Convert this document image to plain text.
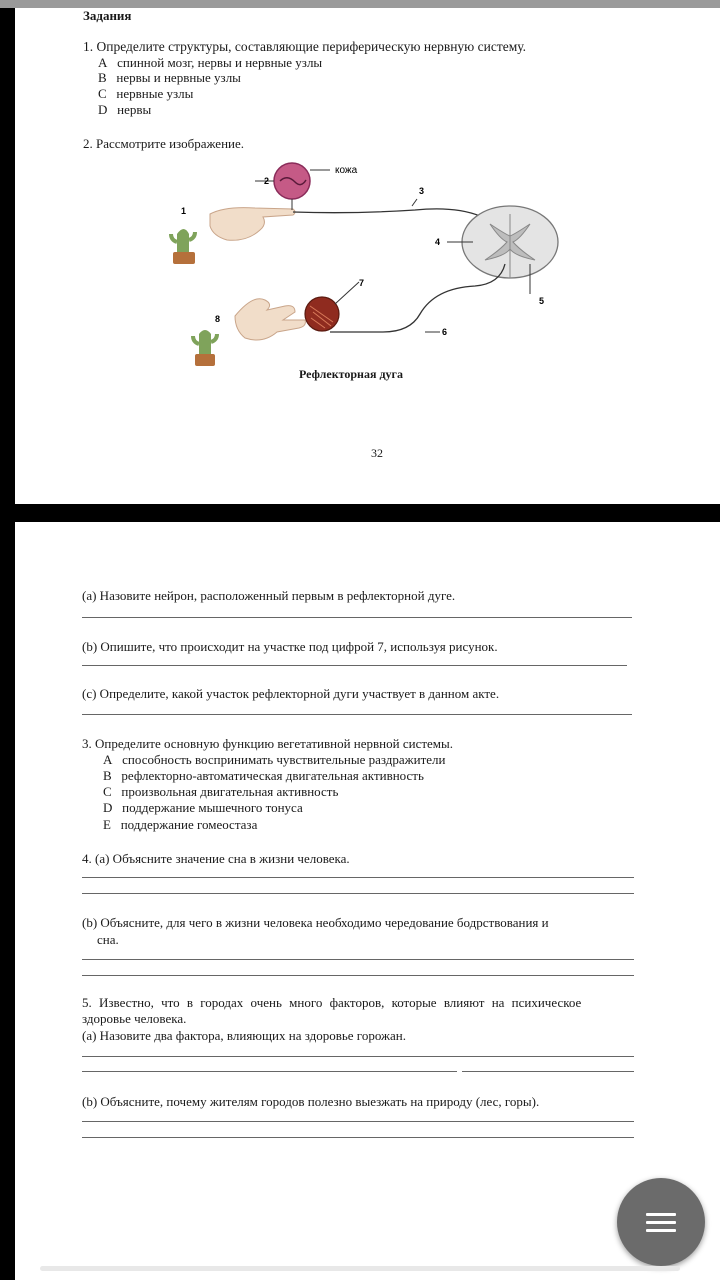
Задания
1. Определите структуры, составляющие периферическую нервную систему.
A спинной мозг, нервы и нервные узлы
B нервы и нервные узлы
C нервные узлы
D нервы
2. Рассмотрите изображение.
1
2
3
4
5
6
7
8
кожа
Рефлекторная дуга
32
(a) Назовите нейрон, расположенный первым в рефлекторной дуге.
(b) Опишите, что происходит на участке под цифрой 7, используя рисунок.
(c) Определите, какой участок рефлекторной дуги участвует в данном акте.
3. Определите основную функцию вегетативной нервной системы.
A способность воспринимать чувствительные раздражители
B рефлекторно-автоматическая двигательная активность
C произвольная двигательная активность
D поддержание мышечного тонуса
E поддержание гомеостаза
4. (a) Объясните значение сна в жизни человека.
(b) Объясните, для чего в жизни человека необходимо чередование бодрствования и
сна.
5. Известно, что в городах очень много факторов, которые влияют на психическое
здоровье человека.
(a) Назовите два фактора, влияющих на здоровье горожан.
(b) Объясните, почему жителям городов полезно выезжать на природу (лес, горы).
